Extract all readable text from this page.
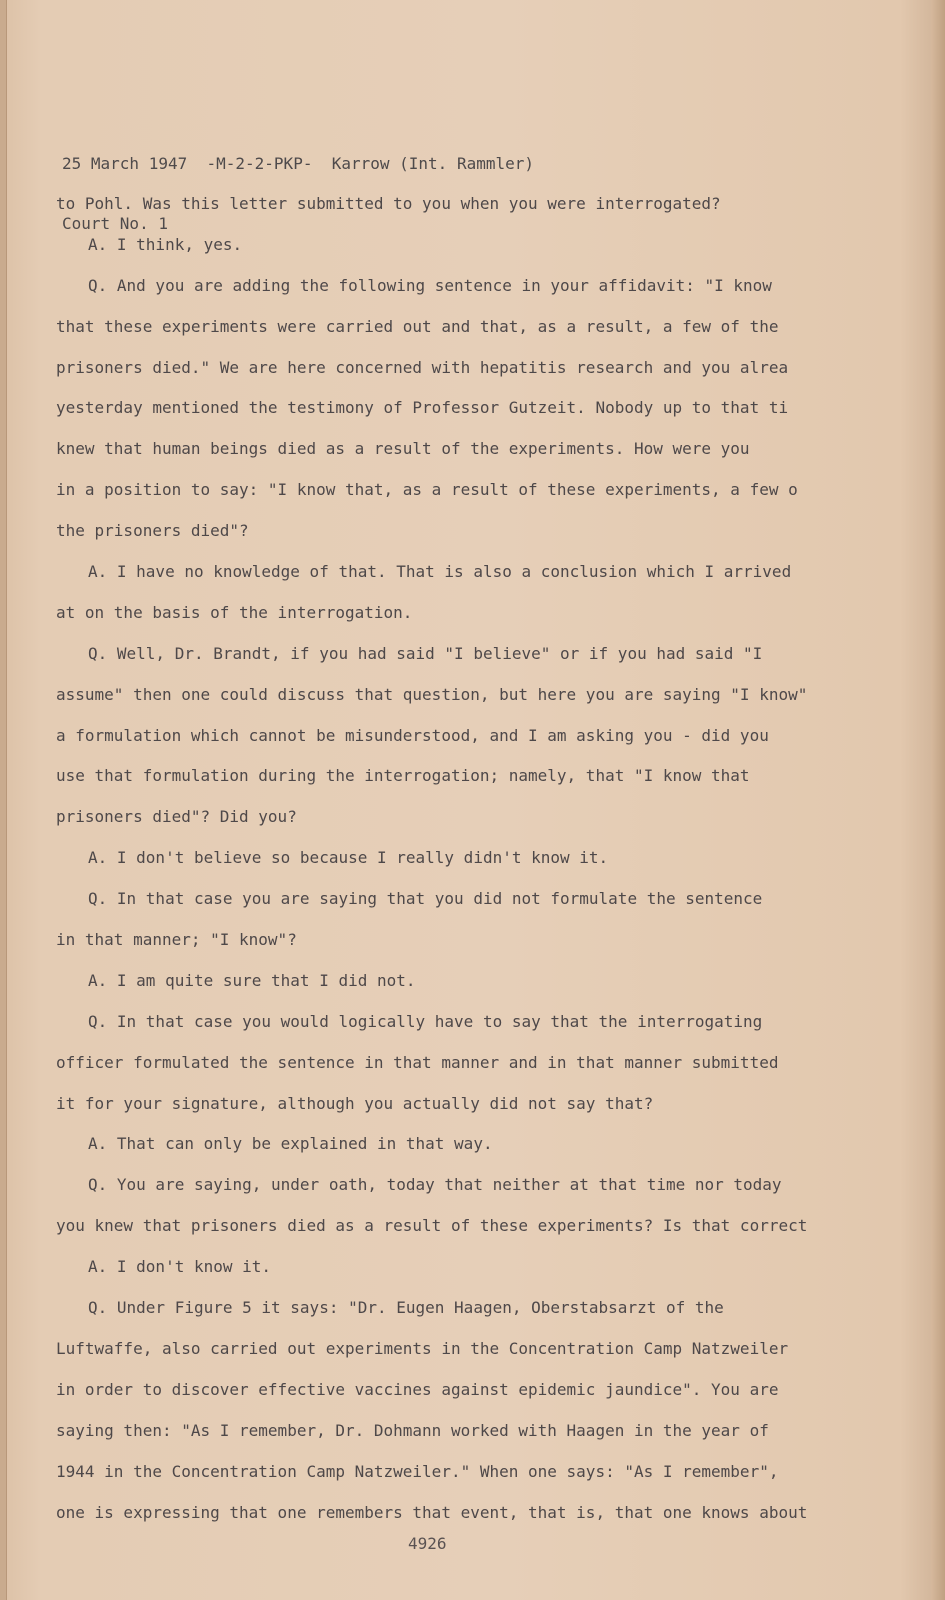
25 March 1947  -M-2-2-PKP-  Karrow (Int. Rammler)

Court No. 1

to Pohl. Was this letter submitted to you when you were interrogated?
A. I think, yes.
Q. And you are adding the following sentence in your affidavit: "I know
that these experiments were carried out and that, as a result, a few of the
prisoners died." We are here concerned with hepatitis research and you alrea
yesterday mentioned the testimony of Professor Gutzeit. Nobody up to that ti
knew that human beings died as a result of the experiments. How were you
in a position to say: "I know that, as a result of these experiments, a few o
the prisoners died"?
A. I have no knowledge of that. That is also a conclusion which I arrived
at on the basis of the interrogation.
Q. Well, Dr. Brandt, if you had said "I believe" or if you had said "I
assume" then one could discuss that question, but here you are saying "I know"
a formulation which cannot be misunderstood, and I am asking you - did you
use that formulation during the interrogation; namely, that "I know that
prisoners died"? Did you?
A. I don't believe so because I really didn't know it.
Q. In that case you are saying that you did not formulate the sentence
in that manner; "I know"?
A. I am quite sure that I did not.
Q. In that case you would logically have to say that the interrogating
officer formulated the sentence in that manner and in that manner submitted
it for your signature, although you actually did not say that?
A. That can only be explained in that way.
Q. You are saying, under oath, today that neither at that time nor today
you knew that prisoners died as a result of these experiments? Is that correct
A. I don't know it.
Q. Under Figure 5 it says: "Dr. Eugen Haagen, Oberstabsarzt of the
Luftwaffe, also carried out experiments in the Concentration Camp Natzweiler
in order to discover effective vaccines against epidemic jaundice". You are
saying then: "As I remember, Dr. Dohmann worked with Haagen in the year of
1944 in the Concentration Camp Natzweiler." When one says: "As I remember",
one is expressing that one remembers that event, that is, that one knows about
4926
